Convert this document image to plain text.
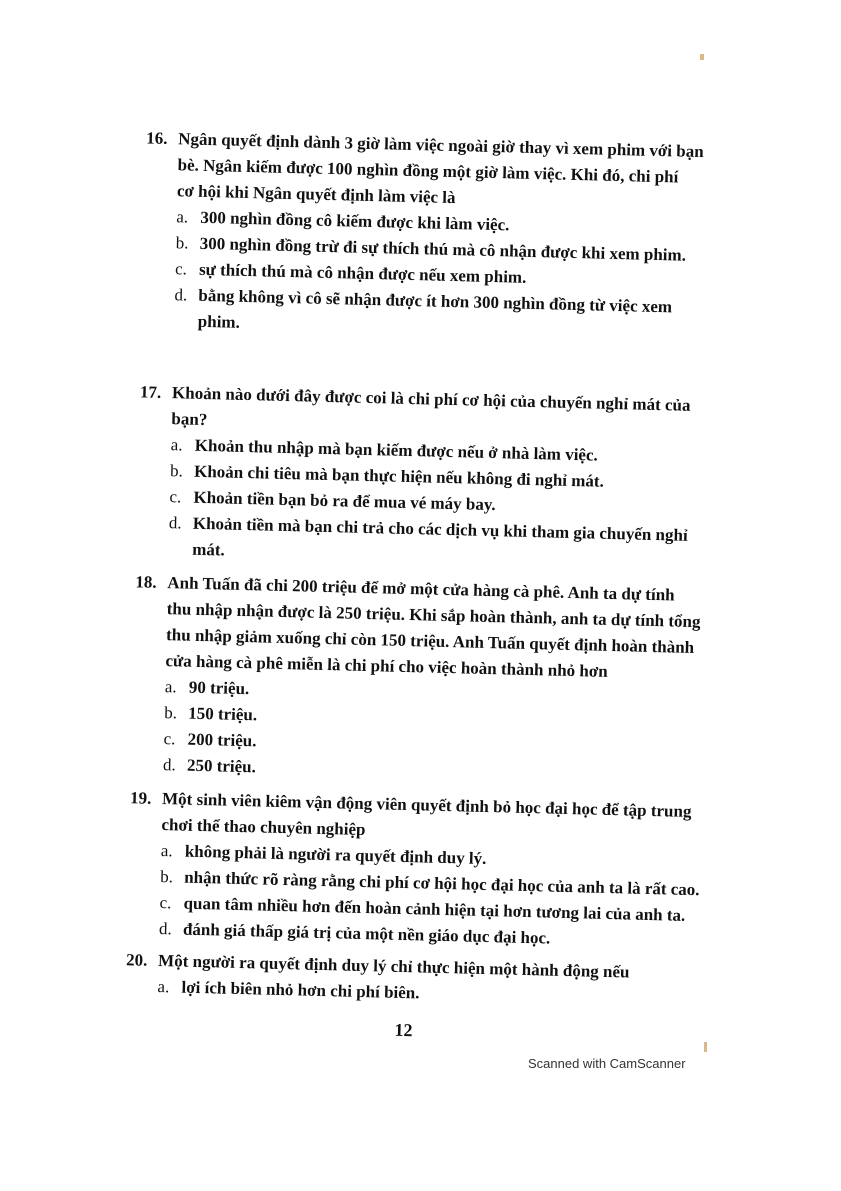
16. Ngân quyết định dành 3 giờ làm việc ngoài giờ thay vì xem phim với bạn
bè. Ngân kiếm được 100 nghìn đồng một giờ làm việc. Khi đó, chi phí
cơ hội khi Ngân quyết định làm việc là
a. 300 nghìn đồng cô kiếm được khi làm việc.
b. 300 nghìn đồng trừ đi sự thích thú mà cô nhận được khi xem phim.
c. sự thích thú mà cô nhận được nếu xem phim.
d. bằng không vì cô sẽ nhận được ít hơn 300 nghìn đồng từ việc xem
phim.
17. Khoản nào dưới đây được coi là chi phí cơ hội của chuyến nghỉ mát của
bạn?
a. Khoản thu nhập mà bạn kiếm được nếu ở nhà làm việc.
b. Khoản chi tiêu mà bạn thực hiện nếu không đi nghỉ mát.
c. Khoản tiền bạn bỏ ra để mua vé máy bay.
d. Khoản tiền mà bạn chi trả cho các dịch vụ khi tham gia chuyến nghỉ
mát.
18. Anh Tuấn đã chi 200 triệu để mở một cửa hàng cà phê. Anh ta dự tính
thu nhập nhận được là 250 triệu. Khi sắp hoàn thành, anh ta dự tính tổng
thu nhập giảm xuống chỉ còn 150 triệu. Anh Tuấn quyết định hoàn thành
cửa hàng cà phê miễn là chi phí cho việc hoàn thành nhỏ hơn
a. 90 triệu.
b. 150 triệu.
c. 200 triệu.
d. 250 triệu.
19. Một sinh viên kiêm vận động viên quyết định bỏ học đại học để tập trung
chơi thể thao chuyên nghiệp
a. không phải là người ra quyết định duy lý.
b. nhận thức rõ ràng rằng chi phí cơ hội học đại học của anh ta là rất cao.
c. quan tâm nhiều hơn đến hoàn cảnh hiện tại hơn tương lai của anh ta.
d. đánh giá thấp giá trị của một nền giáo dục đại học.
20. Một người ra quyết định duy lý chỉ thực hiện một hành động nếu
a. lợi ích biên nhỏ hơn chi phí biên.
12
Scanned with CamScanner
